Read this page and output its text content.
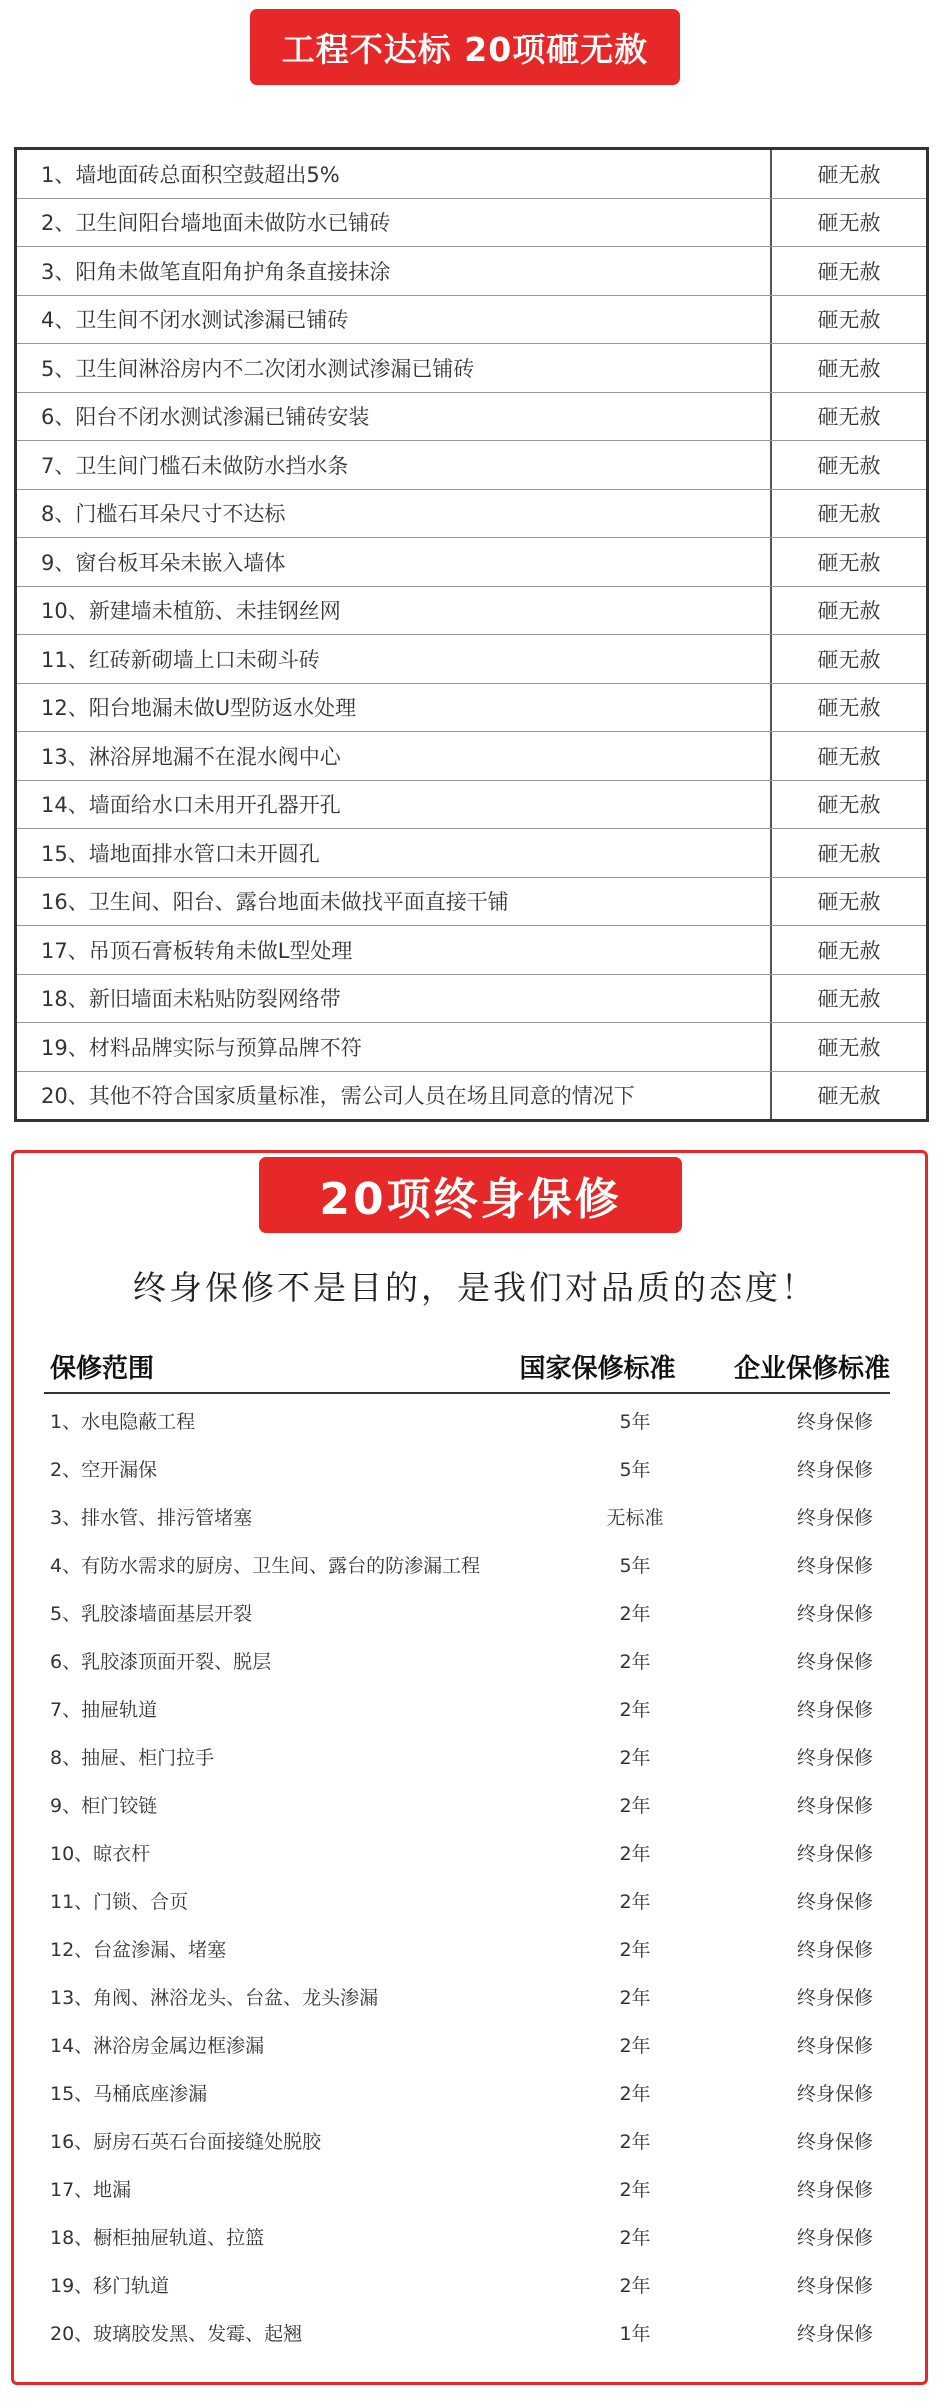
工程不达标 20项砸无赦
1、墙地面砖总面积空鼓超出5%	砸无赦
2、卫生间阳台墙地面未做防水已铺砖	砸无赦
3、阳角未做笔直阳角护角条直接抹涂	砸无赦
4、卫生间不闭水测试渗漏已铺砖	砸无赦
5、卫生间淋浴房内不二次闭水测试渗漏已铺砖	砸无赦
6、阳台不闭水测试渗漏已铺砖安装	砸无赦
7、卫生间门槛石未做防水挡水条	砸无赦
8、门槛石耳朵尺寸不达标	砸无赦
9、窗台板耳朵未嵌入墙体	砸无赦
10、新建墙未植筋、未挂钢丝网	砸无赦
11、红砖新砌墙上口未砌斗砖	砸无赦
12、阳台地漏未做U型防返水处理	砸无赦
13、淋浴屏地漏不在混水阀中心	砸无赦
14、墙面给水口未用开孔器开孔	砸无赦
15、墙地面排水管口未开圆孔	砸无赦
16、卫生间、阳台、露台地面未做找平面直接干铺	砸无赦
17、吊顶石膏板转角未做L型处理	砸无赦
18、新旧墙面未粘贴防裂网络带	砸无赦
19、材料品牌实际与预算品牌不符	砸无赦
20、其他不符合国家质量标准，需公司人员在场且同意的情况下	砸无赦
20项终身保修
终身保修不是目的，是我们对品质的态度！
保修范围	国家保修标准	企业保修标准
1、水电隐蔽工程	5年	终身保修
2、空开漏保	5年	终身保修
3、排水管、排污管堵塞	无标准	终身保修
4、有防水需求的厨房、卫生间、露台的防渗漏工程	5年	终身保修
5、乳胶漆墙面基层开裂	2年	终身保修
6、乳胶漆顶面开裂、脱层	2年	终身保修
7、抽屉轨道	2年	终身保修
8、抽屉、柜门拉手	2年	终身保修
9、柜门铰链	2年	终身保修
10、晾衣杆	2年	终身保修
11、门锁、合页	2年	终身保修
12、台盆渗漏、堵塞	2年	终身保修
13、角阀、淋浴龙头、台盆、龙头渗漏	2年	终身保修
14、淋浴房金属边框渗漏	2年	终身保修
15、马桶底座渗漏	2年	终身保修
16、厨房石英石台面接缝处脱胶	2年	终身保修
17、地漏	2年	终身保修
18、橱柜抽屉轨道、拉篮	2年	终身保修
19、移门轨道	2年	终身保修
20、玻璃胶发黑、发霉、起翘	1年	终身保修
